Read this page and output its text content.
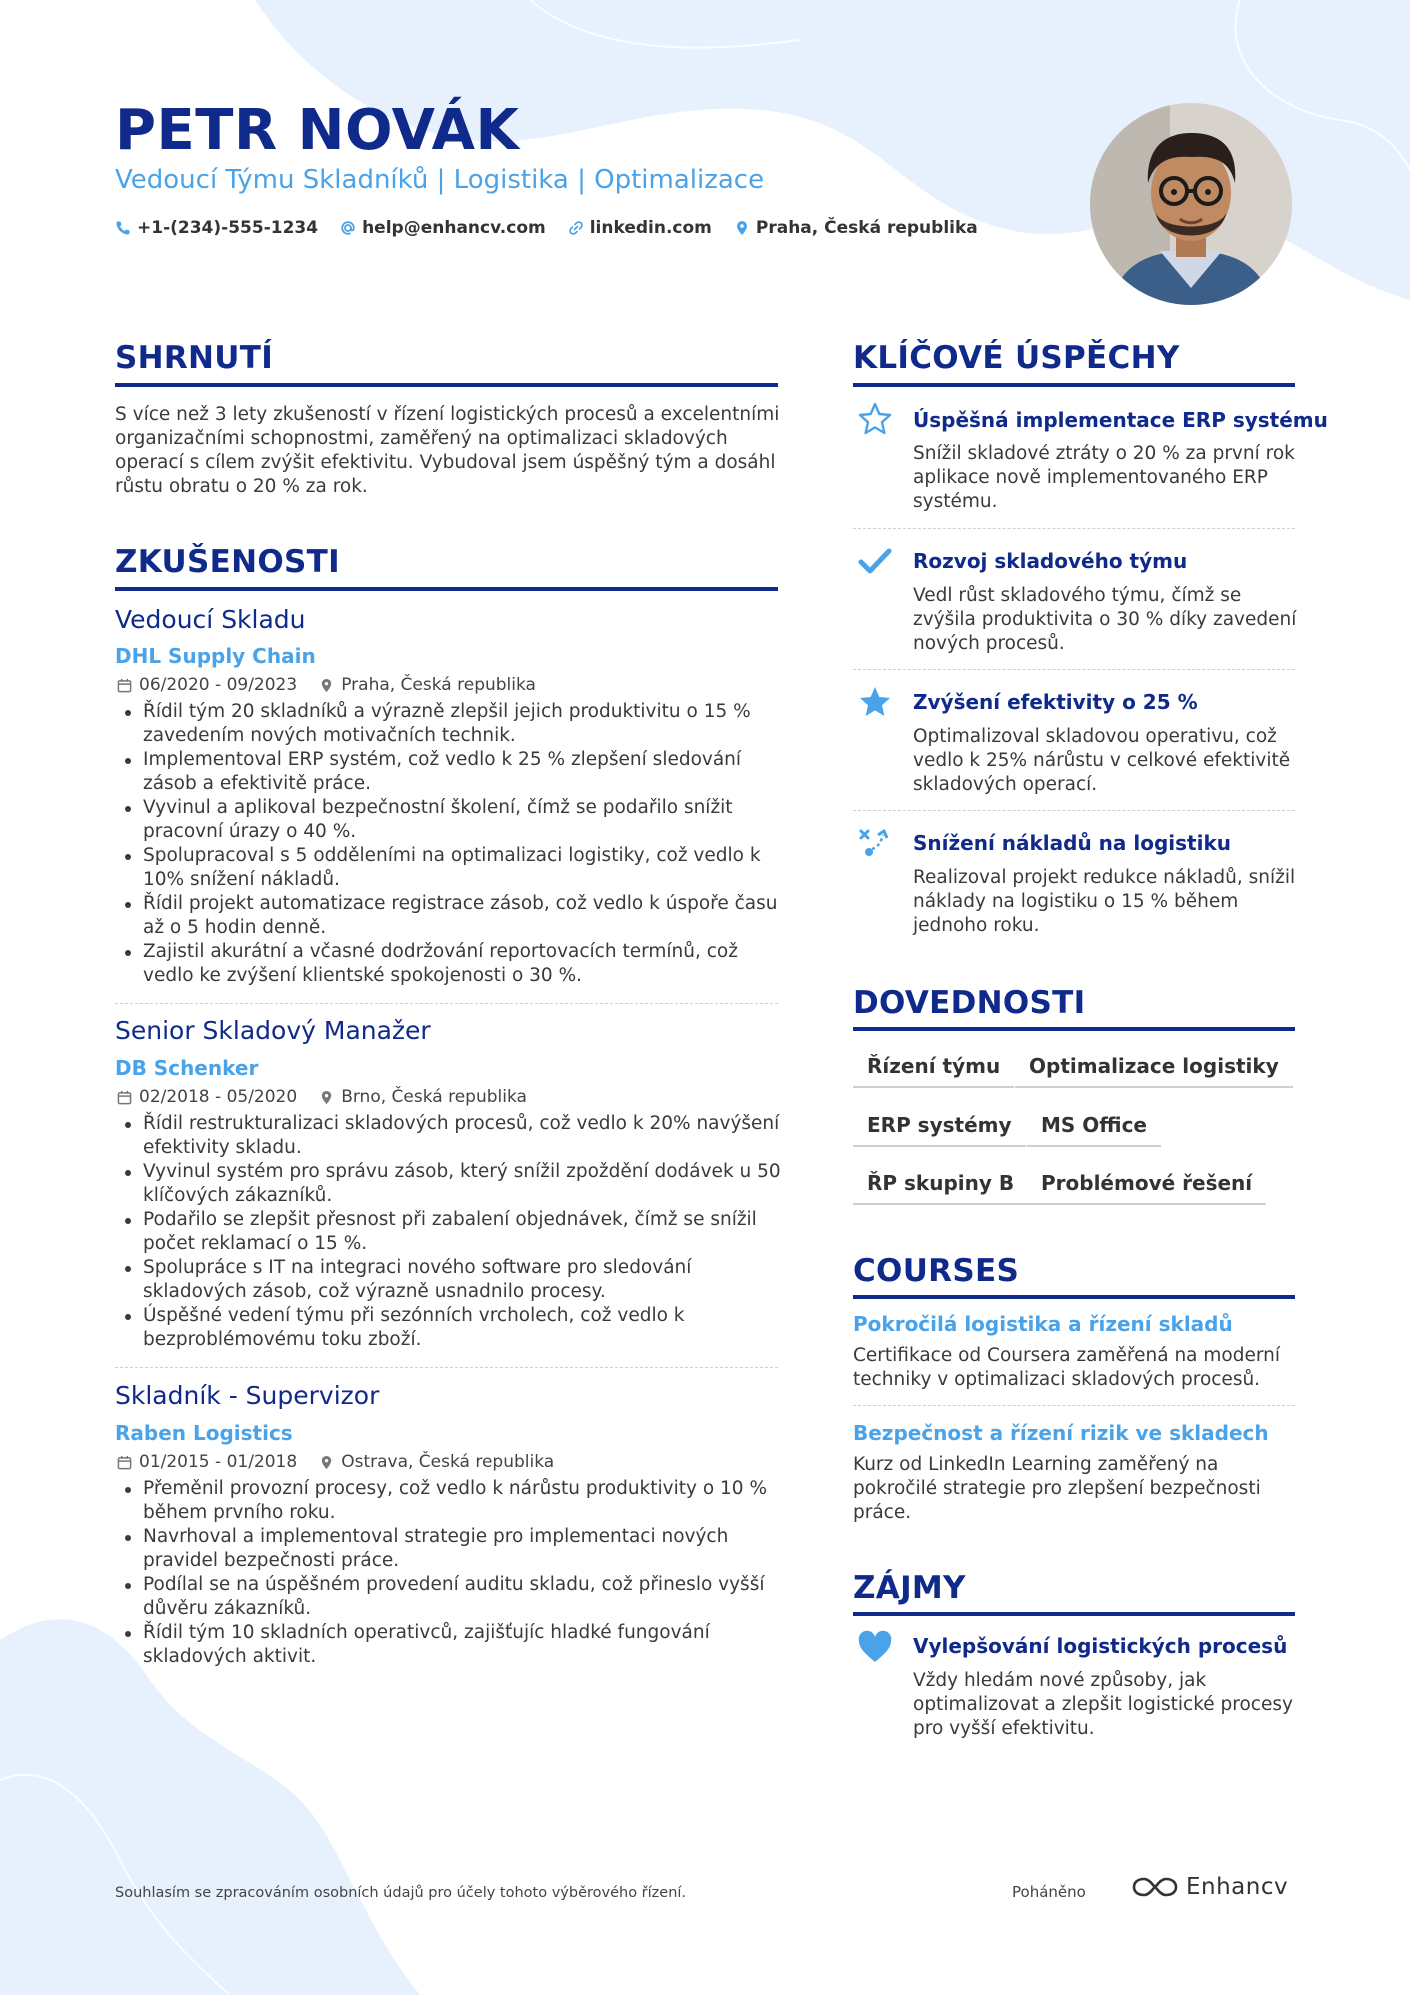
PETR NOVÁK
Vedoucí Týmu Skladníků | Logistika | Optimalizace
+1-(234)-555-1234	help@enhancv.com	linkedin.com	Praha, Česká republika
SHRNUTÍ
S více než 3 lety zkušeností v řízení logistických procesů a excelentními
organizačními schopnostmi, zaměřený na optimalizaci skladových
operací s cílem zvýšit efektivitu. Vybudoval jsem úspěšný tým a dosáhl
růstu obratu o 20 % za rok.
ZKUŠENOSTI
Vedoucí Skladu
DHL Supply Chain
06/2020 - 09/2023	Praha, Česká republika
Řídil tým 20 skladníků a výrazně zlepšil jejich produktivitu o 15 %
zavedením nových motivačních technik.
Implementoval ERP systém, což vedlo k 25 % zlepšení sledování
zásob a efektivitě práce.
Vyvinul a aplikoval bezpečnostní školení, čímž se podařilo snížit
pracovní úrazy o 40 %.
Spolupracoval s 5 odděleními na optimalizaci logistiky, což vedlo k
10% snížení nákladů.
Řídil projekt automatizace registrace zásob, což vedlo k úspoře času
až o 5 hodin denně.
Zajistil akurátní a včasné dodržování reportovacích termínů, což
vedlo ke zvýšení klientské spokojenosti o 30 %.
Senior Skladový Manažer
DB Schenker
02/2018 - 05/2020	Brno, Česká republika
Řídil restrukturalizaci skladových procesů, což vedlo k 20% navýšení
efektivity skladu.
Vyvinul systém pro správu zásob, který snížil zpoždění dodávek u 50
klíčových zákazníků.
Podařilo se zlepšit přesnost při zabalení objednávek, čímž se snížil
počet reklamací o 15 %.
Spolupráce s IT na integraci nového software pro sledování
skladových zásob, což výrazně usnadnilo procesy.
Úspěšné vedení týmu při sezónních vrcholech, což vedlo k
bezproblémovému toku zboží.
Skladník - Supervizor
Raben Logistics
01/2015 - 01/2018	Ostrava, Česká republika
Přeměnil provozní procesy, což vedlo k nárůstu produktivity o 10 %
během prvního roku.
Navrhoval a implementoval strategie pro implementaci nových
pravidel bezpečnosti práce.
Podílal se na úspěšném provedení auditu skladu, což přineslo vyšší
důvěru zákazníků.
Řídil tým 10 skladních operativců, zajišťujíc hladké fungování
skladových aktivit.
KLÍČOVÉ ÚSPĚCHY
Úspěšná implementace ERP systému
Snížil skladové ztráty o 20 % za první rok
aplikace nově implementovaného ERP
systému.
Rozvoj skladového týmu
Vedl růst skladového týmu, čímž se
zvýšila produktivita o 30 % díky zavedení
nových procesů.
Zvýšení efektivity o 25 %
Optimalizoval skladovou operativu, což
vedlo k 25% nárůstu v celkové efektivitě
skladových operací.
Snížení nákladů na logistiku
Realizoval projekt redukce nákladů, snížil
náklady na logistiku o 15 % během
jednoho roku.
DOVEDNOSTI
Řízení týmu	Optimalizace logistiky
ERP systémy	MS Office
ŘP skupiny B	Problémové řešení
COURSES
Pokročilá logistika a řízení skladů
Certifikace od Coursera zaměřená na moderní
techniky v optimalizaci skladových procesů.
Bezpečnost a řízení rizik ve skladech
Kurz od LinkedIn Learning zaměřený na
pokročilé strategie pro zlepšení bezpečnosti
práce.
ZÁJMY
Vylepšování logistických procesů
Vždy hledám nové způsoby, jak
optimalizovat a zlepšit logistické procesy
pro vyšší efektivitu.
Souhlasím se zpracováním osobních údajů pro účely tohoto výběrového řízení.	Poháněno	Enhancv
